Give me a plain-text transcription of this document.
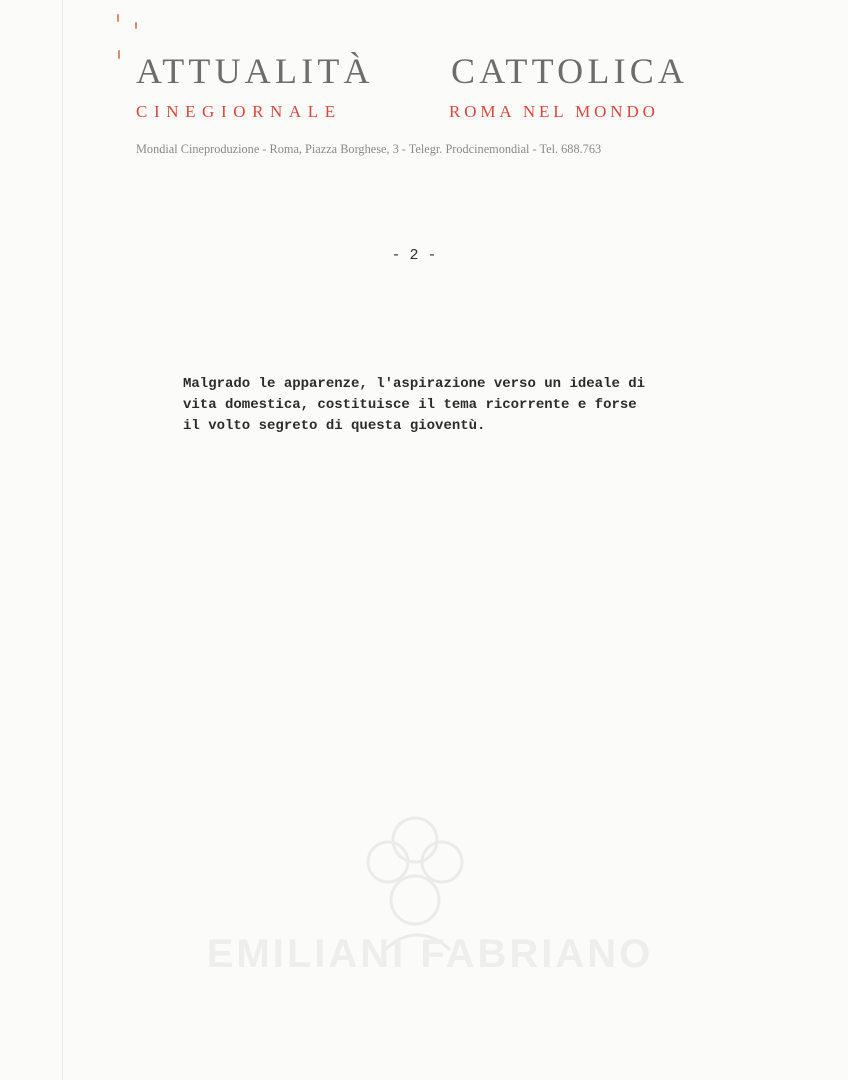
ATTUALITÀ CATTOLICA
CINEGIORNALE	ROMA NEL MONDO
Mondial Cineproduzione - Roma, Piazza Borghese, 3 - Telegr. Prodcinemondial - Tel. 688.763
- 2 -
Malgrado le apparenze, l'aspirazione verso un ideale di
vita domestica, costituisce il tema ricorrente e forse
il volto segreto di questa gioventù.
EMILIANI FABRIANO
